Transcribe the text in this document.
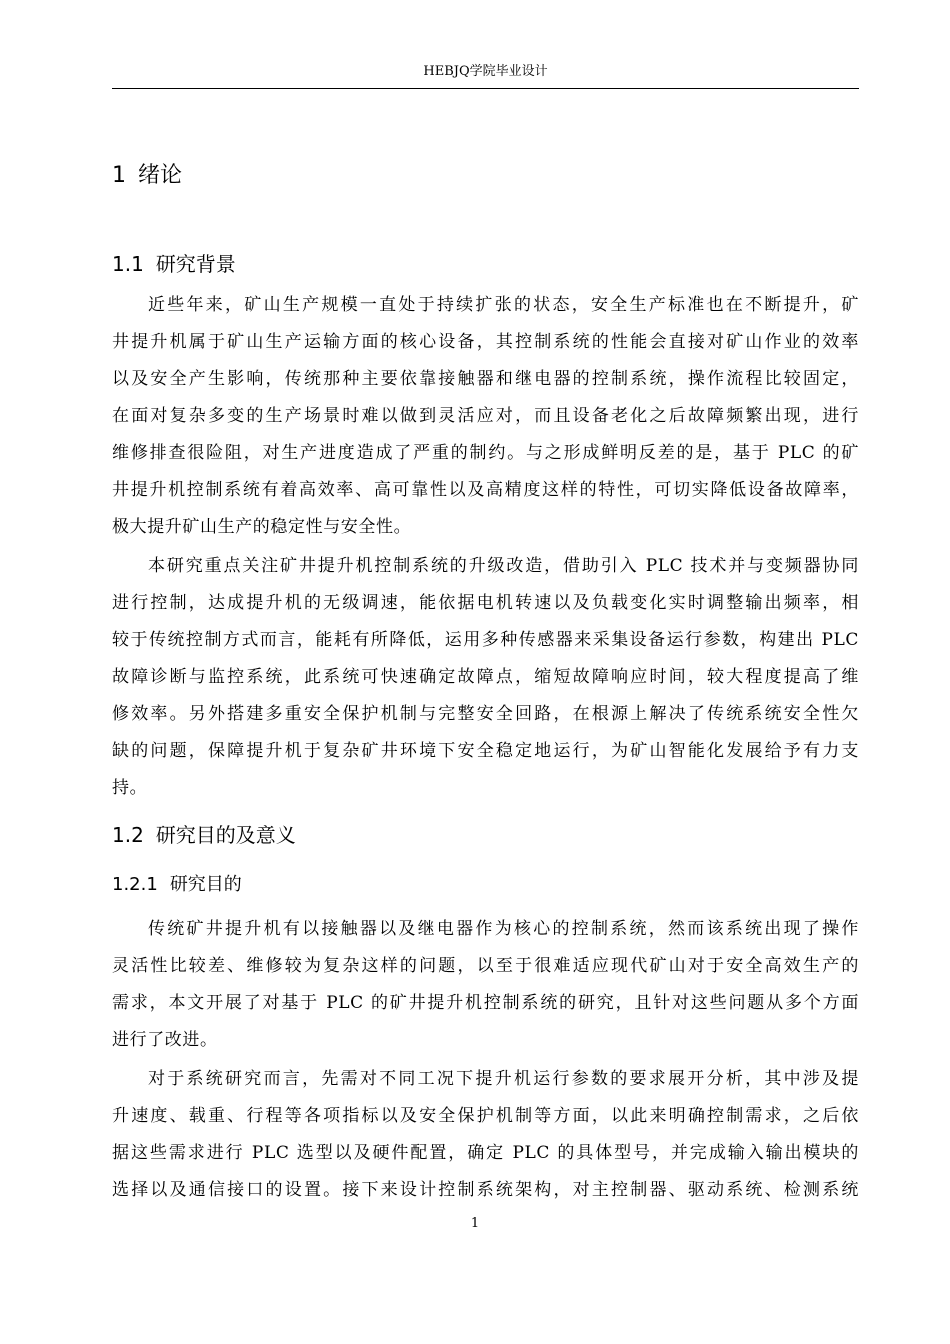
HEBJQ学院毕业设计
1 绪论
1.1 研究背景
近些年来，矿山生产规模一直处于持续扩张的状态，安全生产标准也在不断提升，矿
井提升机属于矿山生产运输方面的核心设备，其控制系统的性能会直接对矿山作业的效率
以及安全产生影响，传统那种主要依靠接触器和继电器的控制系统，操作流程比较固定，
在面对复杂多变的生产场景时难以做到灵活应对，而且设备老化之后故障频繁出现，进行
维修排查很险阻，对生产进度造成了严重的制约。与之形成鲜明反差的是，基于 PLC 的矿
井提升机控制系统有着高效率、高可靠性以及高精度这样的特性，可切实降低设备故障率，
极大提升矿山生产的稳定性与安全性。
本研究重点关注矿井提升机控制系统的升级改造，借助引入 PLC 技术并与变频器协同
进行控制，达成提升机的无级调速，能依据电机转速以及负载变化实时调整输出频率，相
较于传统控制方式而言，能耗有所降低，运用多种传感器来采集设备运行参数，构建出 PLC
故障诊断与监控系统，此系统可快速确定故障点，缩短故障响应时间，较大程度提高了维
修效率。另外搭建多重安全保护机制与完整安全回路，在根源上解决了传统系统安全性欠
缺的问题，保障提升机于复杂矿井环境下安全稳定地运行，为矿山智能化发展给予有力支
持。
1.2 研究目的及意义
1.2.1 研究目的
传统矿井提升机有以接触器以及继电器作为核心的控制系统，然而该系统出现了操作
灵活性比较差、维修较为复杂这样的问题，以至于很难适应现代矿山对于安全高效生产的
需求，本文开展了对基于 PLC 的矿井提升机控制系统的研究，且针对这些问题从多个方面
进行了改进。
对于系统研究而言，先需对不同工况下提升机运行参数的要求展开分析，其中涉及提
升速度、载重、行程等各项指标以及安全保护机制等方面，以此来明确控制需求，之后依
据这些需求进行 PLC 选型以及硬件配置，确定 PLC 的具体型号，并完成输入输出模块的
选择以及通信接口的设置。接下来设计控制系统架构，对主控制器、驱动系统、检测系统
1
